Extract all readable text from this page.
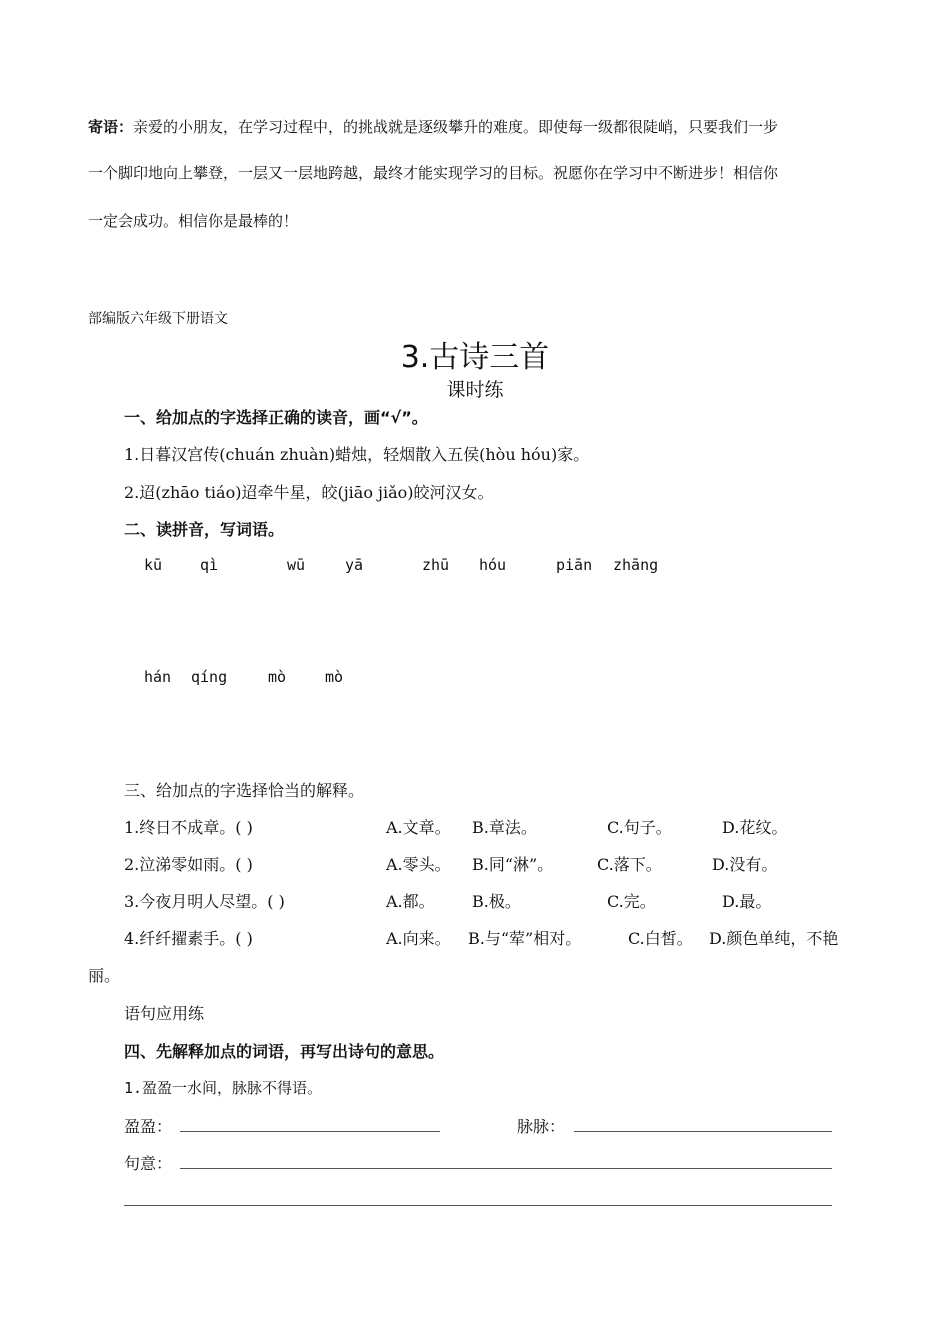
寄语：亲爱的小朋友，在学习过程中，的挑战就是逐级攀升的难度。即使每一级都很陡峭，只要我们一步
一个脚印地向上攀登，一层又一层地跨越，最终才能实现学习的目标。祝愿你在学习中不断进步！相信你
一定会成功。相信你是最棒的！
部编版六年级下册语文
3.古诗三首
课时练
一、给加点的字选择正确的读音，画“√”。
1.日暮汉宫传(chuán zhuàn)蜡烛，轻烟散入五侯(hòu hóu)家。
2.迢(zhāo tiáo)迢牵牛星，皎(jiāo jiǎo)皎河汉女。
二、读拼音，写词语。
kū	qì	wū	yā	zhū hóu	piān zhāng
hán qíng	mò	mò
三、给加点的字选择恰当的解释。
1.终日不成章。( )	A.文章。 B.章法。	C.句子。	D.花纹。
2.泣涕零如雨。( )	A.零头。 B.同“淋”。	C.落下。	D.没有。
3.今夜月明人尽望。( )	A.都。 B.极。	C.完。	D.最。
4.纤纤擢素手。( )	A.向来。 B.与“荤”相对。	C.白皙。 D.颜色单纯，不艳
丽。
语句应用练
四、先解释加点的词语，再写出诗句的意思。
1.盈盈一水间，脉脉不得语。
盈盈：	脉脉：
句意：
